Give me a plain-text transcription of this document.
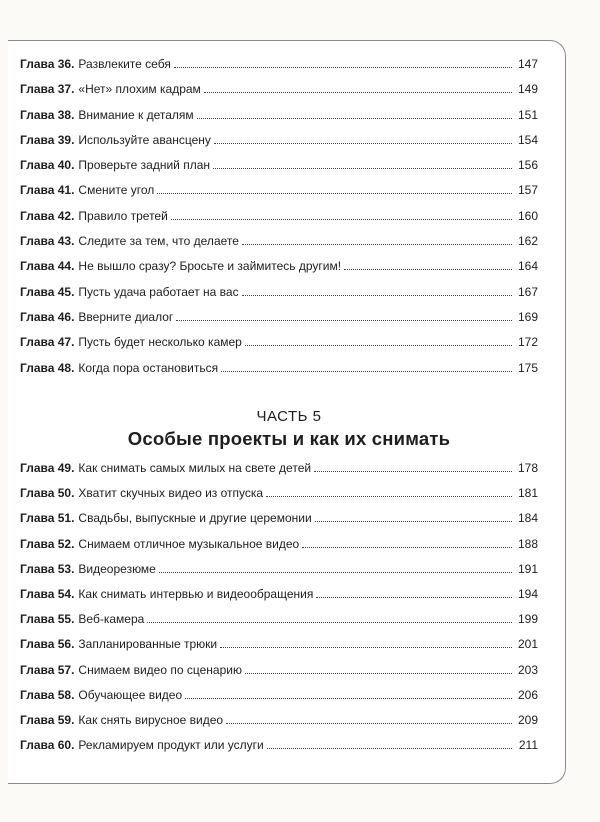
Глава 36. Развлеките себя	147
Глава 37. «Нет» плохим кадрам	149
Глава 38. Внимание к деталям	151
Глава 39. Используйте авансцену	154
Глава 40. Проверьте задний план	156
Глава 41. Смените угол	157
Глава 42. Правило третей	160
Глава 43. Следите за тем, что делаете	162
Глава 44. Не вышло сразу? Бросьте и займитесь другим!	164
Глава 45. Пусть удача работает на вас	167
Глава 46. Вверните диалог	169
Глава 47. Пусть будет несколько камер	172
Глава 48. Когда пора остановиться	175
ЧАСТЬ 5
Особые проекты и как их снимать
Глава 49. Как снимать самых милых на свете детей	178
Глава 50. Хватит скучных видео из отпуска	181
Глава 51. Свадьбы, выпускные и другие церемонии	184
Глава 52. Снимаем отличное музыкальное видео	188
Глава 53. Видеорезюме	191
Глава 54. Как снимать интервью и видеообращения	194
Глава 55. Веб-камера	199
Глава 56. Запланированные трюки	201
Глава 57. Снимаем видео по сценарию	203
Глава 58. Обучающее видео	206
Глава 59. Как снять вирусное видео	209
Глава 60. Рекламируем продукт или услуги	211
